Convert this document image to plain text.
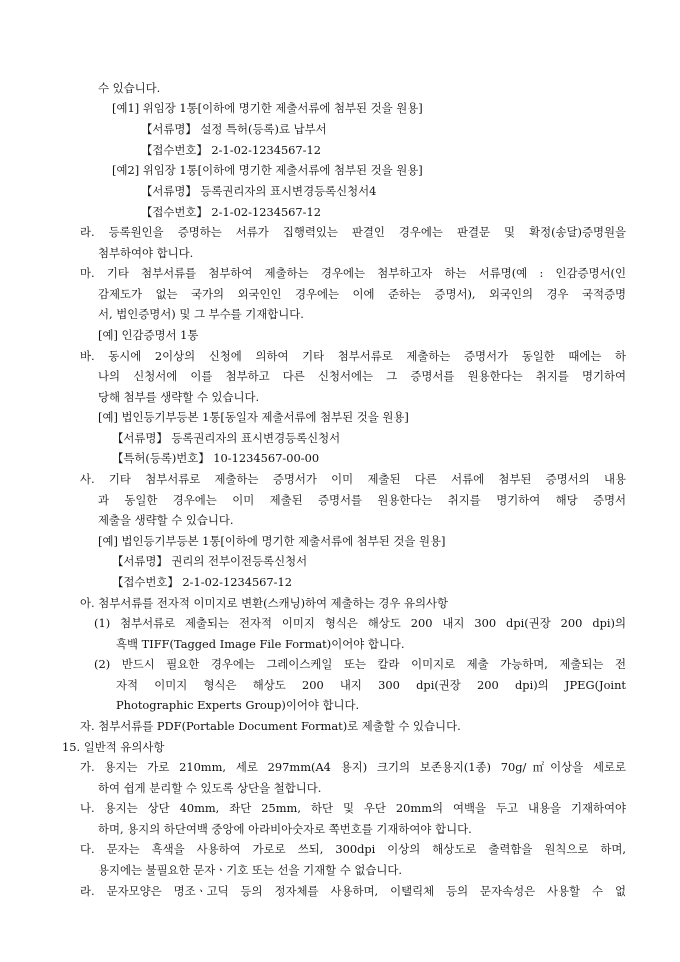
수 있습니다.
[예1] 위임장 1통[이하에 명기한 제출서류에 첨부된 것을 원용]
【서류명】 설정 특허(등록)료 납부서
【접수번호】 2-1-02-1234567-12
[예2] 위임장 1통[이하에 명기한 제출서류에 첨부된 것을 원용]
【서류명】 등록권리자의 표시변경등록신청서4
【접수번호】 2-1-02-1234567-12
라. 등록원인을 증명하는 서류가 집행력있는 판결인 경우에는 판결문 및 확정(송달)증명원을
첨부하여야 합니다.
마. 기타 첨부서류를 첨부하여 제출하는 경우에는 첨부하고자 하는 서류명(예 : 인감증명서(인
감제도가 없는 국가의 외국인인 경우에는 이에 준하는 증명서), 외국인의 경우 국적증명
서, 법인증명서) 및 그 부수를 기재합니다.
[예] 인감증명서 1통
바. 동시에 2이상의 신청에 의하여 기타 첨부서류로 제출하는 증명서가 동일한 때에는 하
나의 신청서에 이를 첨부하고 다른 신청서에는 그 증명서를 원용한다는 취지를 명기하여
당해 첨부를 생략할 수 있습니다.
[예] 법인등기부등본 1통[동일자 제출서류에 첨부된 것을 원용]
【서류명】 등록권리자의 표시변경등록신청서
【특허(등록)번호】 10-1234567-00-00
사. 기타 첨부서류로 제출하는 증명서가 이미 제출된 다른 서류에 첨부된 증명서의 내용
과 동일한 경우에는 이미 제출된 증명서를 원용한다는 취지를 명기하여 해당 증명서
제출을 생략할 수 있습니다.
[예] 법인등기부등본 1통[이하에 명기한 제출서류에 첨부된 것을 원용]
【서류명】 권리의 전부이전등록신청서
【접수번호】 2-1-02-1234567-12
아. 첨부서류를 전자적 이미지로 변환(스캐닝)하여 제출하는 경우 유의사항
(1) 첨부서류로 제출되는 전자적 이미지 형식은 해상도 200 내지 300 dpi(권장 200 dpi)의
흑백 TIFF(Tagged Image File Format)이어야 합니다.
(2) 반드시 필요한 경우에는 그레이스케일 또는 칼라 이미지로 제출 가능하며, 제출되는 전
자적 이미지 형식은 해상도 200 내지 300 dpi(권장 200 dpi)의 JPEG(Joint
Photographic Experts Group)이어야 합니다.
자. 첨부서류를 PDF(Portable Document Format)로 제출할 수 있습니다.
15. 일반적 유의사항
가. 용지는 가로 210mm, 세로 297mm(A4 용지) 크기의 보존용지(1종) 70g/㎡이상을 세로로
하여 쉽게 분리할 수 있도록 상단을 철합니다.
나. 용지는 상단 40mm, 좌단 25mm, 하단 및 우단 20mm의 여백을 두고 내용을 기재하여야
하며, 용지의 하단여백 중앙에 아라비아숫자로 쪽번호를 기재하여야 합니다.
다. 문자는 흑색을 사용하여 가로로 쓰되, 300dpi 이상의 해상도로 출력함을 원칙으로 하며,
용지에는 불필요한 문자ㆍ기호 또는 선을 기재할 수 없습니다.
라. 문자모양은 명조ㆍ고딕 등의 정자체를 사용하며, 이탤릭체 등의 문자속성은 사용할 수 없
